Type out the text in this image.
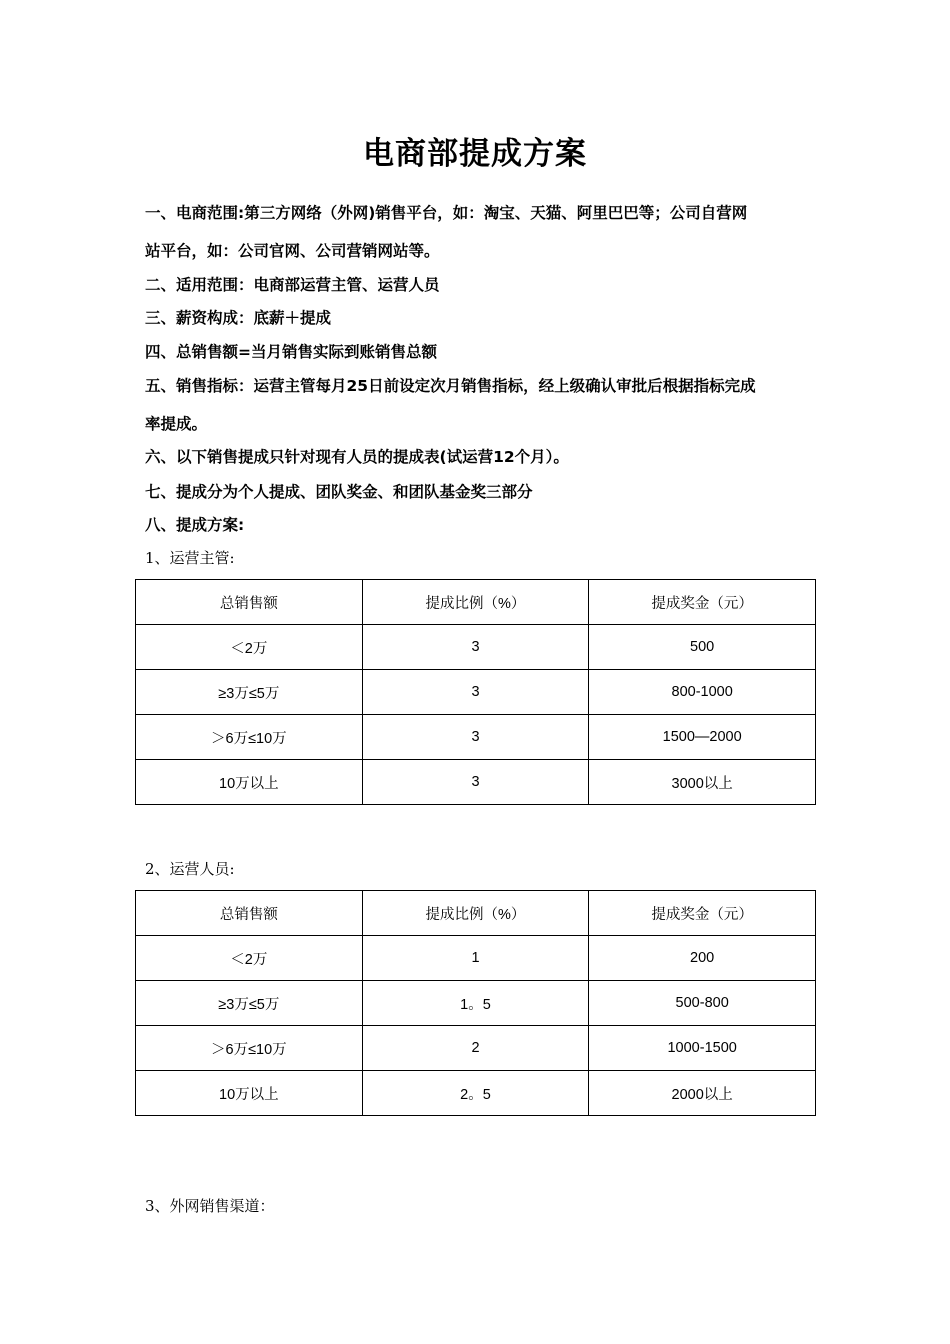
电商部提成方案
一、电商范围:第三方网络（外网)销售平台，如：淘宝、天猫、阿里巴巴等；公司自营网
站平台，如：公司官网、公司营销网站等。
二、适用范围：电商部运营主管、运营人员
三、薪资构成：底薪＋提成
四、总销售额=当月销售实际到账销售总额
五、销售指标：运营主管每月25日前设定次月销售指标，经上级确认审批后根据指标完成
率提成。
六、以下销售提成只针对现有人员的提成表(试运营12个月）。
七、提成分为个人提成、团队奖金、和团队基金奖三部分
八、提成方案:
1、运营主管:
总销售额	提成比例（%）	提成奖金（元）
＜2万	3	500
≥3万≤5万	3	800-1000
＞6万≤10万	3	1500—2000
10万以上	3	3000以上
2、运营人员:
总销售额	提成比例（%）	提成奖金（元）
＜2万	1	200
≥3万≤5万	1。5	500-800
＞6万≤10万	2	1000-1500
10万以上	2。5	2000以上
3、外网销售渠道：
